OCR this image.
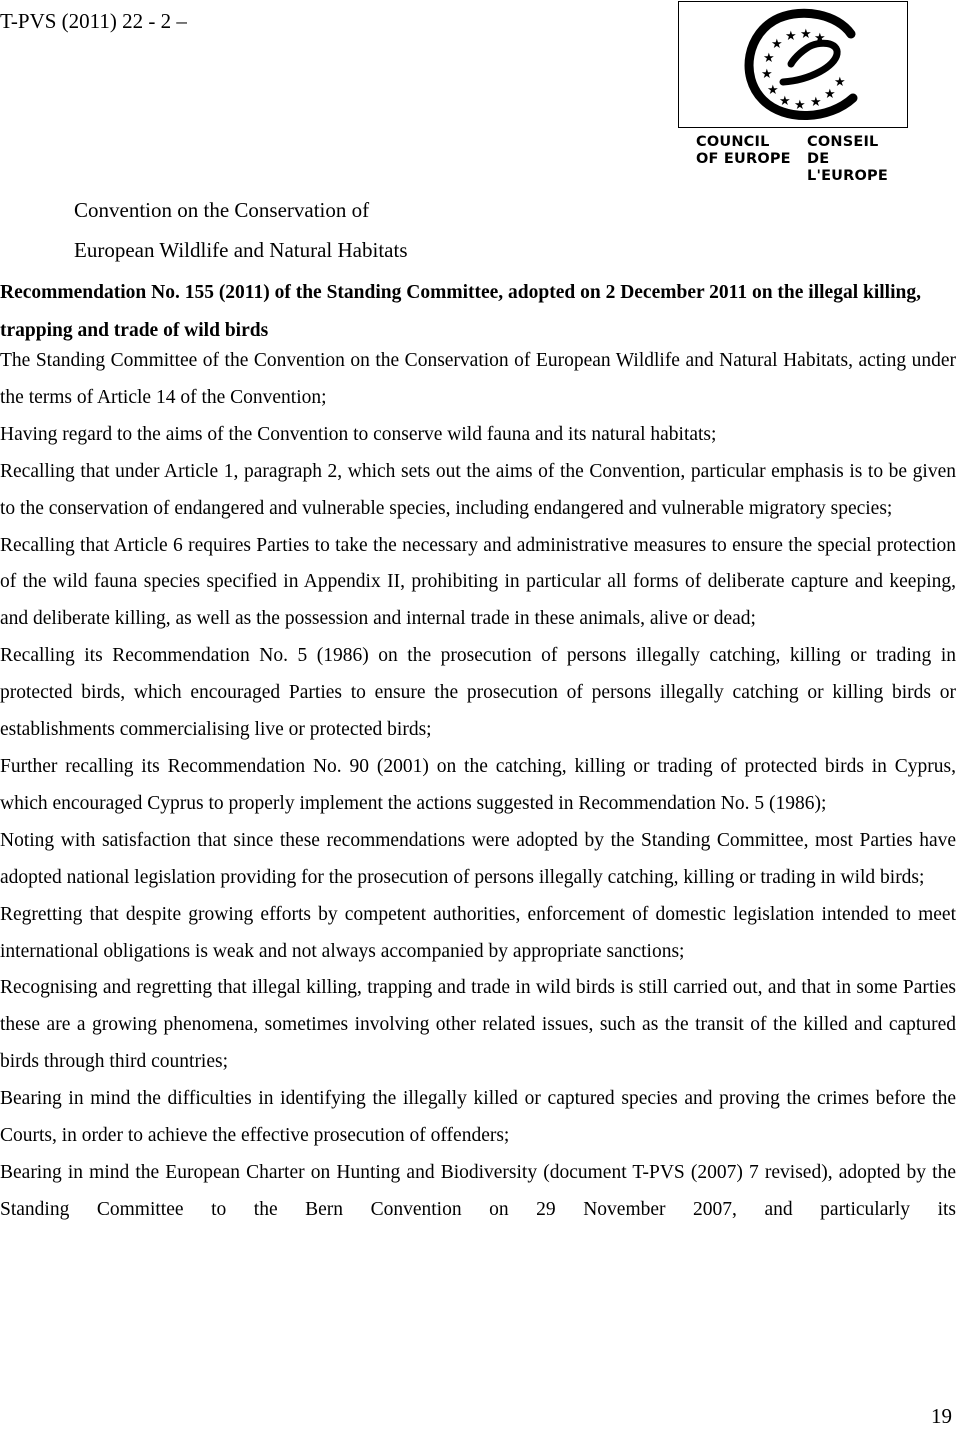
T-PVS (2011) 22 - 2 –
★
★ ★ ★
★
★
★
★ ★ ★
★
★
COUNCIL
OF EUROPE
CONSEIL
DE L'EUROPE
Convention on the Conservation of
European Wildlife and Natural Habitats
Recommendation No. 155 (2011) of the Standing Committee, adopted on 2 December 2011 on the illegal killing, trapping and trade of wild birds

The Standing Committee of the Convention on the Conservation of European Wildlife and Natural Habitats, acting under the terms of Article 14 of the Convention;

Having regard to the aims of the Convention to conserve wild fauna and its natural habitats;

Recalling that under Article 1, paragraph 2, which sets out the aims of the Convention, particular emphasis is to be given to the conservation of endangered and vulnerable species, including endangered and vulnerable migratory species;

Recalling that Article 6 requires Parties to take the necessary and administrative measures to ensure the special protection of the wild fauna species specified in Appendix II, prohibiting in particular all forms of deliberate capture and keeping, and deliberate killing, as well as the possession and internal trade in these animals, alive or dead;

Recalling its Recommendation No. 5 (1986) on the prosecution of persons illegally catching, killing or trading in protected birds, which encouraged Parties to ensure the prosecution of persons illegally catching or killing birds or establishments commercialising live or protected birds;

Further recalling its Recommendation No. 90 (2001) on the catching, killing or trading of protected birds in Cyprus, which encouraged Cyprus to properly implement the actions suggested in Recommendation No. 5 (1986);

Noting with satisfaction that since these recommendations were adopted by the Standing Committee, most Parties have adopted national legislation providing for the prosecution of persons illegally catching, killing or trading in wild birds;

Regretting that despite growing efforts by competent authorities, enforcement of domestic legislation intended to meet international obligations is weak and not always accompanied by appropriate sanctions;

Recognising and regretting that illegal killing, trapping and trade in wild birds is still carried out, and that in some Parties these are a growing phenomena, sometimes involving other related issues, such as the transit of the killed and captured birds through third countries;

Bearing in mind the difficulties in identifying the illegally killed or captured species and proving the crimes before the Courts, in order to achieve the effective prosecution of offenders;

Bearing in mind the European Charter on Hunting and Biodiversity (document T-PVS (2007) 7 revised), adopted by the Standing Committee to the Bern Convention on 29 November 2007, and particularly its

19
